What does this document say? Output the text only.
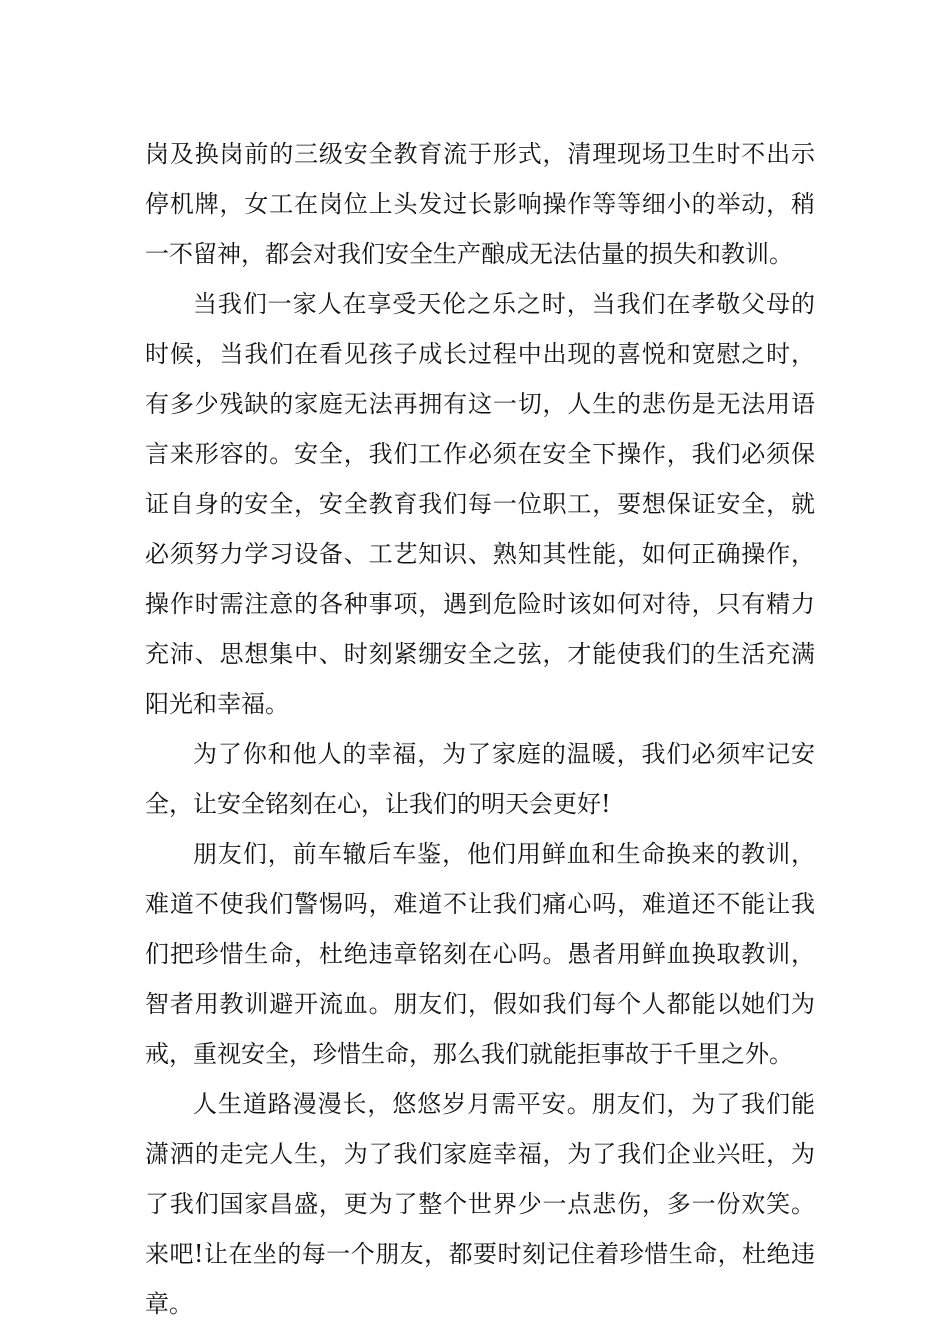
岗及换岗前的三级安全教育流于形式，清理现场卫生时不出示停机牌，女工在岗位上头发过长影响操作等等细小的举动，稍一不留神，都会对我们安全生产酿成无法估量的损失和教训。

当我们一家人在享受天伦之乐之时，当我们在孝敬父母的时候，当我们在看见孩子成长过程中出现的喜悦和宽慰之时，有多少残缺的家庭无法再拥有这一切，人生的悲伤是无法用语言来形容的。安全，我们工作必须在安全下操作，我们必须保证自身的安全，安全教育我们每一位职工，要想保证安全，就必须努力学习设备、工艺知识、熟知其性能，如何正确操作，操作时需注意的各种事项，遇到危险时该如何对待，只有精力充沛、思想集中、时刻紧绷安全之弦，才能使我们的生活充满阳光和幸福。

为了你和他人的幸福，为了家庭的温暖，我们必须牢记安全，让安全铭刻在心，让我们的明天会更好!

朋友们，前车辙后车鉴，他们用鲜血和生命换来的教训，难道不使我们警惕吗，难道不让我们痛心吗，难道还不能让我们把珍惜生命，杜绝违章铭刻在心吗。愚者用鲜血换取教训，智者用教训避开流血。朋友们，假如我们每个人都能以她们为戒，重视安全，珍惜生命，那么我们就能拒事故于千里之外。

人生道路漫漫长，悠悠岁月需平安。朋友们，为了我们能潇洒的走完人生，为了我们家庭幸福，为了我们企业兴旺，为了我们国家昌盛，更为了整个世界少一点悲伤，多一份欢笑。来吧!让在坐的每一个朋友，都要时刻记住着珍惜生命，杜绝违章。
